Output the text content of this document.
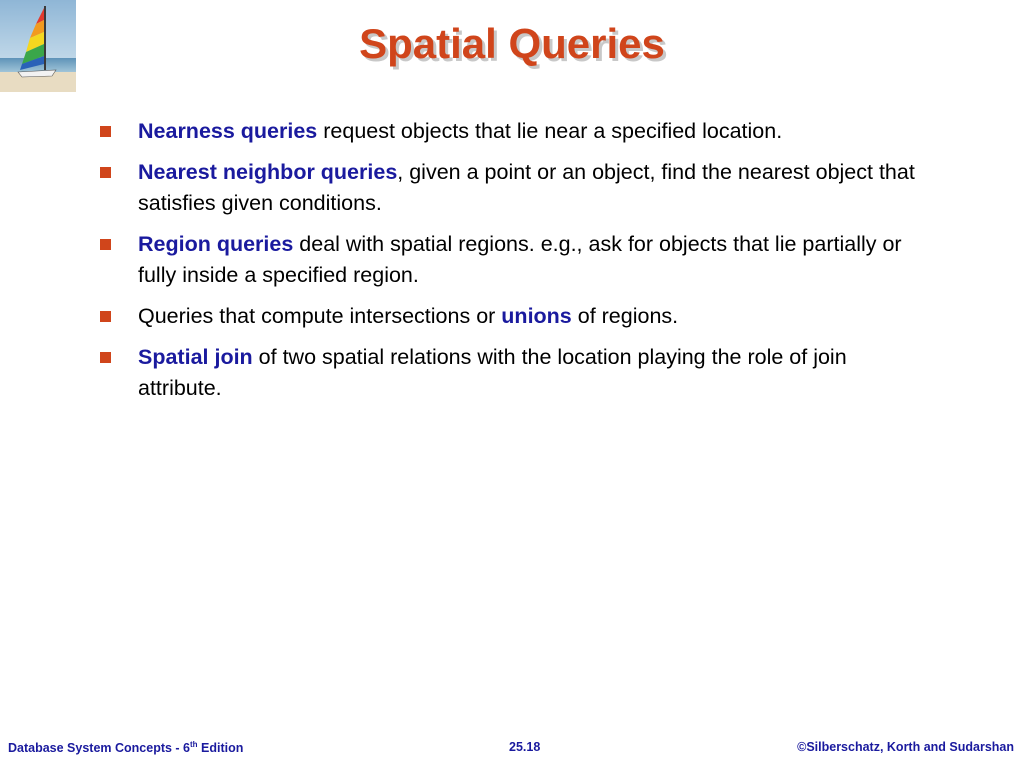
Spatial Queries
Nearness queries request objects that lie near a specified location.
Nearest neighbor queries, given a point or an object, find the nearest object that satisfies given conditions.
Region queries deal with spatial regions. e.g., ask for objects that lie partially or fully inside a specified region.
Queries that compute intersections or unions of regions.
Spatial join of two spatial relations with the location playing the role of join attribute.
Database System Concepts - 6th Edition	25.18	©Silberschatz, Korth and Sudarshan
